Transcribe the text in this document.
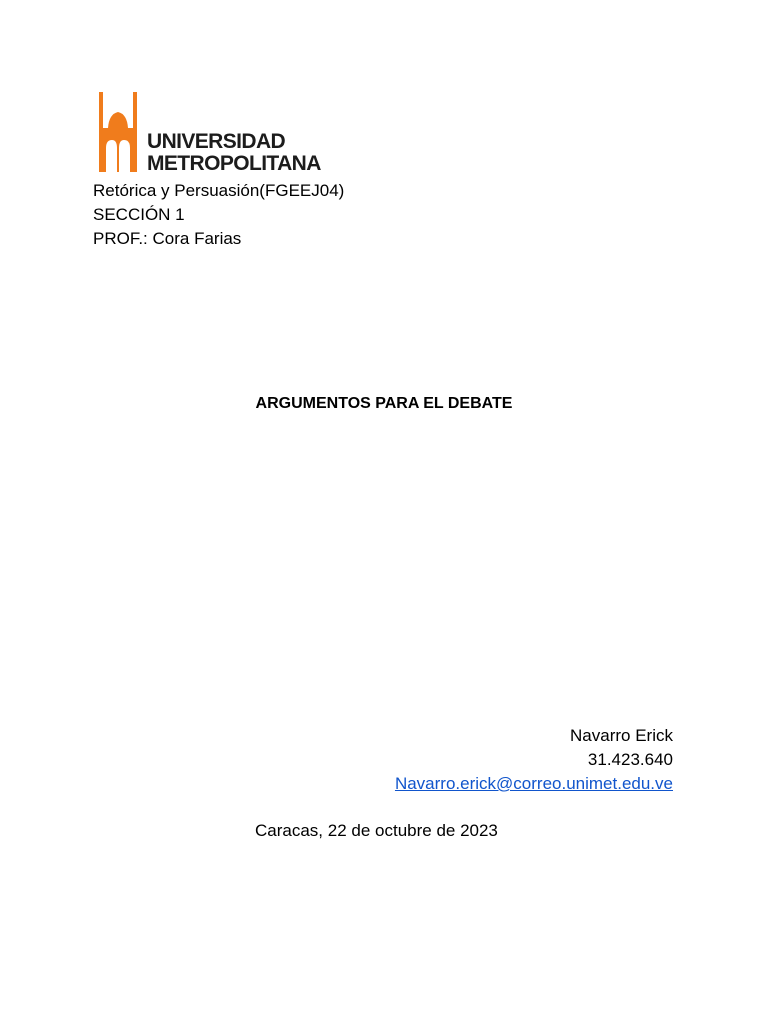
UNIVERSIDAD
METROPOLITANA
Retórica y Persuasión(FGEEJ04)
SECCIÓN 1
PROF.: Cora Farias
ARGUMENTOS PARA EL DEBATE
Navarro Erick
31.423.640
Navarro.erick@correo.unimet.edu.ve
Caracas, 22 de octubre de 2023
